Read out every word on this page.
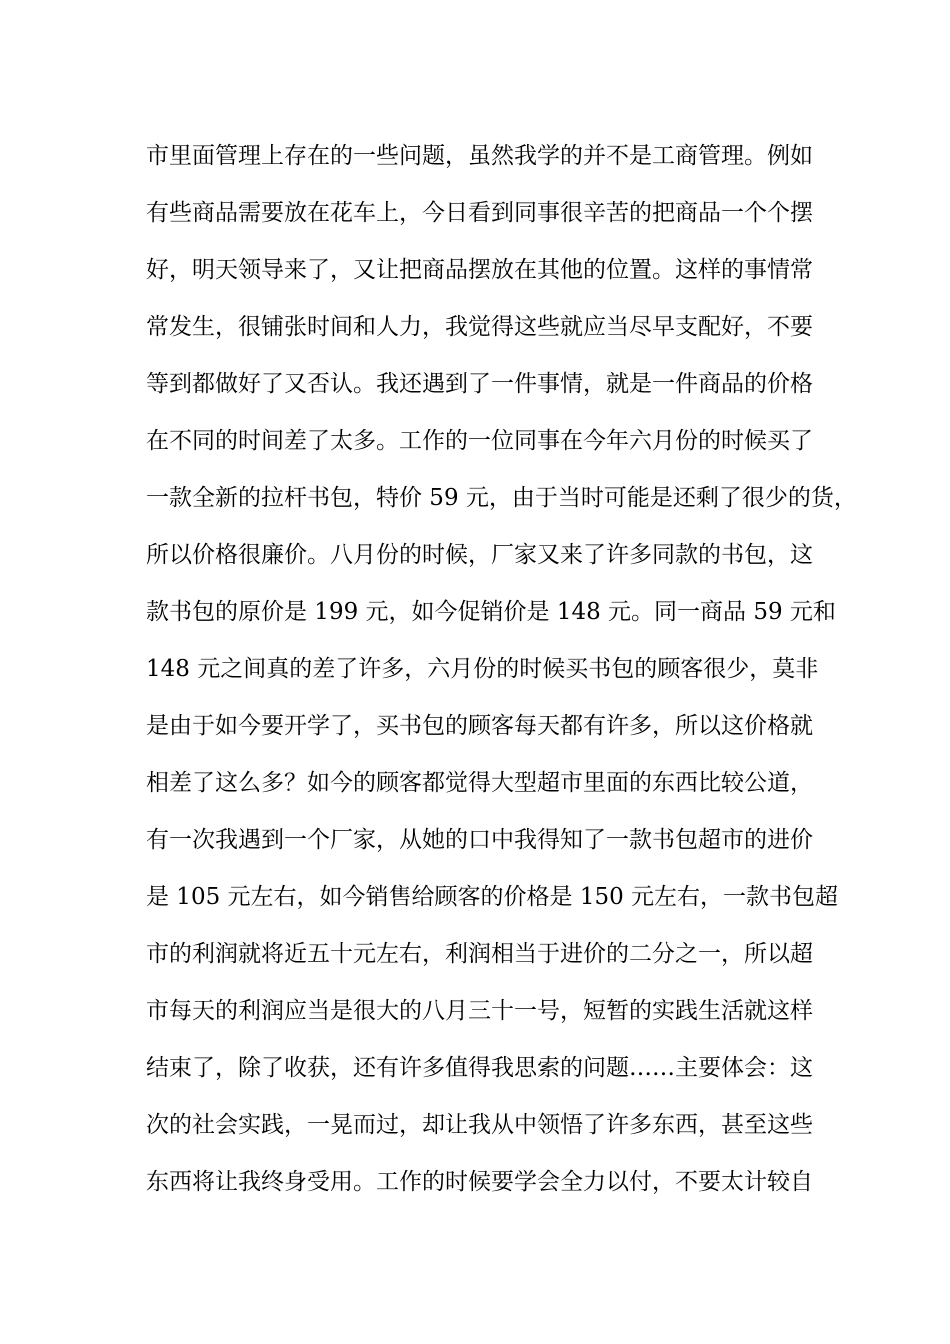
市里面管理上存在的一些问题，虽然我学的并不是工商管理。例如
有些商品需要放在花车上，今日看到同事很辛苦的把商品一个个摆
好，明天领导来了，又让把商品摆放在其他的位置。这样的事情常
常发生，很铺张时间和人力，我觉得这些就应当尽早支配好，不要
等到都做好了又否认。我还遇到了一件事情，就是一件商品的价格
在不同的时间差了太多。工作的一位同事在今年六月份的时候买了
一款全新的拉杆书包，特价 59 元，由于当时可能是还剩了很少的货，
所以价格很廉价。八月份的时候，厂家又来了许多同款的书包，这
款书包的原价是 199 元，如今促销价是 148 元。同一商品 59 元和
148 元之间真的差了许多，六月份的时候买书包的顾客很少，莫非
是由于如今要开学了，买书包的顾客每天都有许多，所以这价格就
相差了这么多？如今的顾客都觉得大型超市里面的东西比较公道，
有一次我遇到一个厂家，从她的口中我得知了一款书包超市的进价
是 105 元左右，如今销售给顾客的价格是 150 元左右，一款书包超
市的利润就将近五十元左右，利润相当于进价的二分之一，所以超
市每天的利润应当是很大的八月三十一号，短暂的实践生活就这样
结束了，除了收获，还有许多值得我思索的问题……主要体会：这
次的社会实践，一晃而过，却让我从中领悟了许多东西，甚至这些
东西将让我终身受用。工作的时候要学会全力以付，不要太计较自
